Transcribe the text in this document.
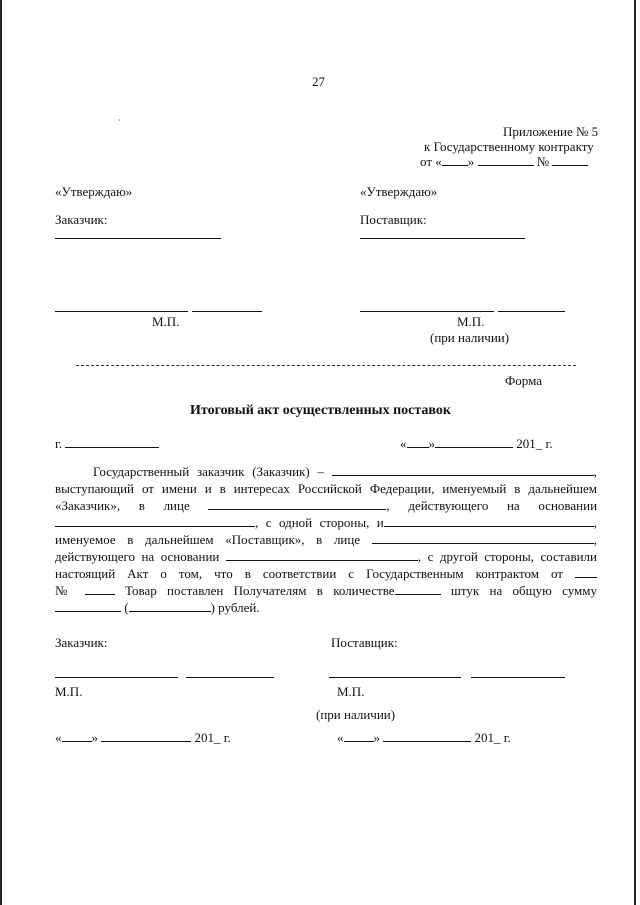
27
·
Приложение № 5
к Государственному контракту
от « »	№
«Утверждаю»	«Утверждаю»
Заказчик:	Поставщик:
М.П.	М.П.
(при наличии)
Форма
Итоговый акт осуществленных поставок
г.	« »	201_ г.
Государственный заказчик (Заказчик) –	,
выступающий от имени и в интересах Российской Федерации, именуемый в дальнейшем
«Заказчик», в лице	, действующего на основании
, с одной стороны, и	,
именуемое в дальнейшем «Поставщик», в лице	,
действующего на основании	, с другой стороны, составили
настоящий Акт о том, что в соответствии с Государственным контрактом от
№	Товар поставлен Получателям в количестве	штук на общую сумму
(	) рублей.
Заказчик:	Поставщик:
М.П.	М.П.
(при наличии)
« »	201_ г.	« »	201_ г.
